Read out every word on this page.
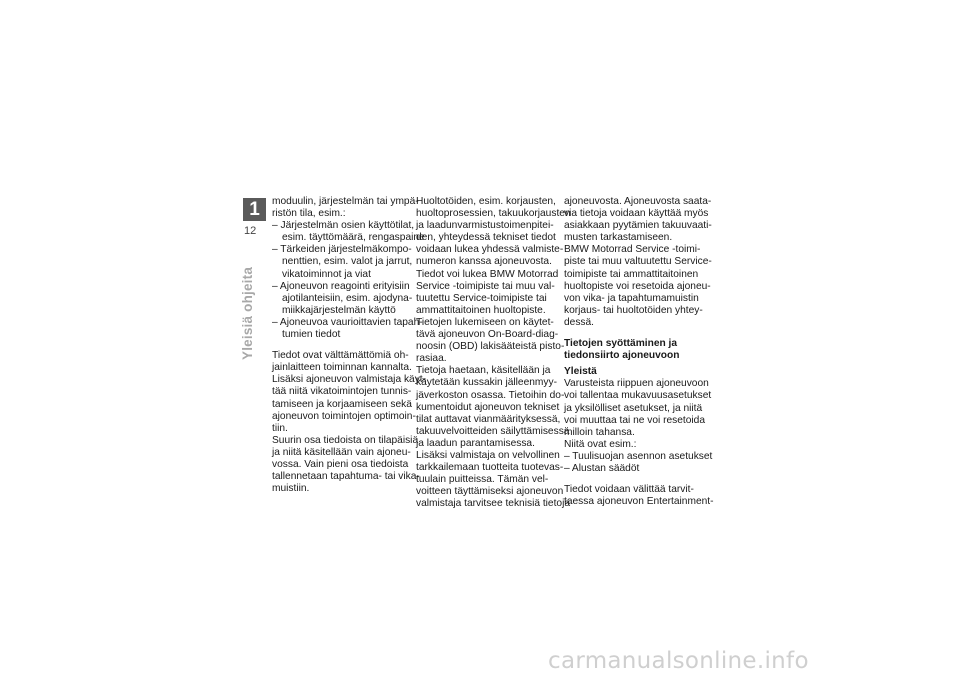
1
12
Yleisiä ohjeita
moduulin, järjestelmän tai ympä-
ristön tila, esim.:
– Järjestelmän osien käyttötilat,
esim. täyttömäärä, rengaspaine
– Tärkeiden järjestelmäkompo-
nenttien, esim. valot ja jarrut,
vikatoiminnot ja viat
– Ajoneuvon reagointi erityisiin
ajotilanteisiin, esim. ajodyna-
miikkajärjestelmän käyttö
– Ajoneuvoa vaurioittavien tapah-
tumien tiedot
Tiedot ovat välttämättömiä oh-
jainlaitteen toiminnan kannalta.
Lisäksi ajoneuvon valmistaja käyt-
tää niitä vikatoimintojen tunnis-
tamiseen ja korjaamiseen sekä
ajoneuvon toimintojen optimoin-
tiin.
Suurin osa tiedoista on tilapäisiä
ja niitä käsitellään vain ajoneu-
vossa. Vain pieni osa tiedoista
tallennetaan tapahtuma- tai vika-
muistiin.
Huoltotöiden, esim. korjausten,
huoltoprosessien, takuukorjausten
ja laadunvarmistustoimenpitei-
den, yhteydessä tekniset tiedot
voidaan lukea yhdessä valmiste-
numeron kanssa ajoneuvosta.
Tiedot voi lukea BMW Motorrad
Service -toimipiste tai muu val-
tuutettu Service-toimipiste tai
ammattitaitoinen huoltopiste.
Tietojen lukemiseen on käytet-
tävä ajoneuvon On-Board-diag-
noosin (OBD) lakisääteistä pisto-
rasiaa.
Tietoja haetaan, käsitellään ja
käytetään kussakin jälleenmyy-
jäverkoston osassa. Tietoihin do-
kumentoidut ajoneuvon tekniset
tilat auttavat vianmäärityksessä,
takuuvelvoitteiden säilyttämisessä
ja laadun parantamisessa.
Lisäksi valmistaja on velvollinen
tarkkailemaan tuotteita tuotevas-
tuulain puitteissa. Tämän vel-
voitteen täyttämiseksi ajoneuvon
valmistaja tarvitsee teknisiä tietoja
ajoneuvosta. Ajoneuvosta saata-
via tietoja voidaan käyttää myös
asiakkaan pyytämien takuuvaati-
musten tarkastamiseen.
BMW Motorrad Service -toimi-
piste tai muu valtuutettu Service-
toimipiste tai ammattitaitoinen
huoltopiste voi resetoida ajoneu-
von vika- ja tapahtumamuistin
korjaus- tai huoltotöiden yhtey-
dessä.
Tietojen syöttäminen ja
tiedonsiirto ajoneuvoon
Yleistä
Varusteista riippuen ajoneuvoon
voi tallentaa mukavuusasetukset
ja yksilölliset asetukset, ja niitä
voi muuttaa tai ne voi resetoida
milloin tahansa.
Niitä ovat esim.:
– Tuulisuojan asennon asetukset
– Alustan säädöt
Tiedot voidaan välittää tarvit-
taessa ajoneuvon Entertainment-
carmanualsonline.info
